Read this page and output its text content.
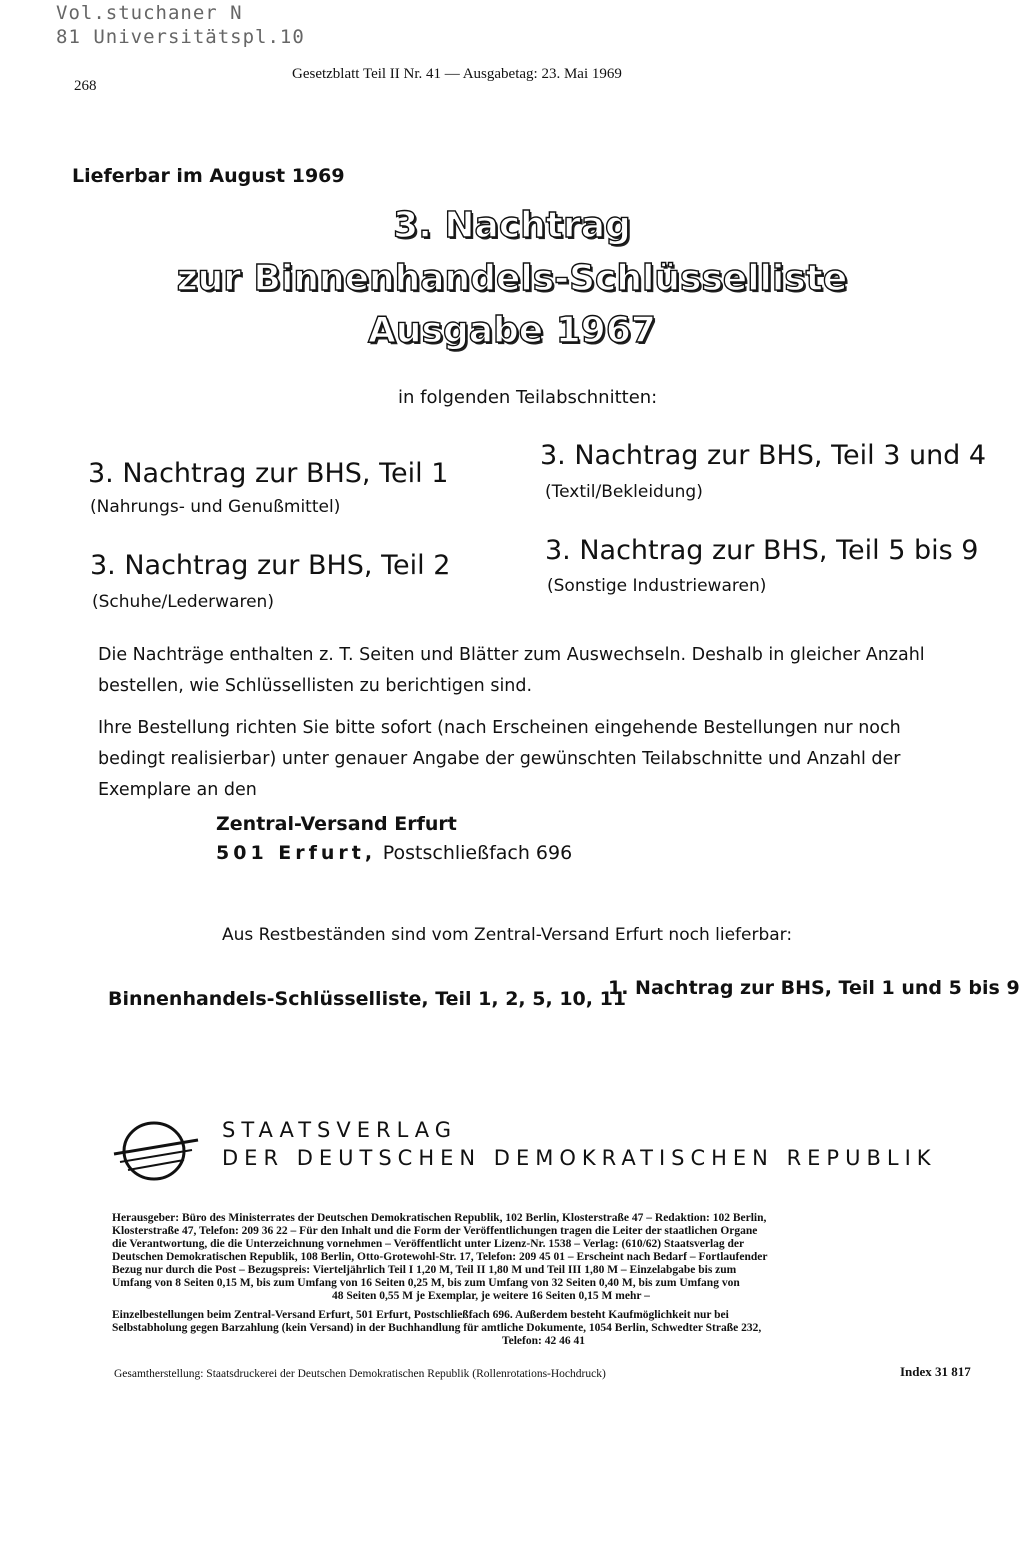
Vol.stuchaner N
81 Universitätspl.10
268
Gesetzblatt Teil II Nr. 41 — Ausgabetag: 23. Mai 1969
Lieferbar im August 1969
3. Nachtrag
zur Binnenhandels-Schlüsselliste
Ausgabe 1967
in folgenden Teilabschnitten:
3. Nachtrag zur BHS, Teil 1
(Nahrungs- und Genußmittel)
3. Nachtrag zur BHS, Teil 3 und 4
(Textil/Bekleidung)
3. Nachtrag zur BHS, Teil 2
(Schuhe/Lederwaren)
3. Nachtrag zur BHS, Teil 5 bis 9
(Sonstige Industriewaren)
Die Nachträge enthalten z. T. Seiten und Blätter zum Auswechseln. Deshalb in gleicher Anzahl bestellen, wie Schlüssellisten zu berichtigen sind.
Ihre Bestellung richten Sie bitte sofort (nach Erscheinen eingehende Bestellungen nur noch bedingt realisierbar) unter genauer Angabe der gewünschten Teilabschnitte und Anzahl der Exemplare an den
Zentral-Versand Erfurt
501 Erfurt, Postschließfach 696
Aus Restbeständen sind vom Zentral-Versand Erfurt noch lieferbar:
Binnenhandels-Schlüsselliste, Teil 1, 2, 5, 10, 11
1. Nachtrag zur BHS, Teil 1 und 5 bis 9
STAATSVERLAG
DER DEUTSCHEN DEMOKRATISCHEN REPUBLIK
Herausgeber: Büro des Ministerrates der Deutschen Demokratischen Republik, 102 Berlin, Klosterstraße 47 – Redaktion: 102 Berlin,
Klosterstraße 47, Telefon: 209 36 22 – Für den Inhalt und die Form der Veröffentlichungen tragen die Leiter der staatlichen Organe
die Verantwortung, die die Unterzeichnung vornehmen – Veröffentlicht unter Lizenz-Nr. 1538 – Verlag: (610/62) Staatsverlag der
Deutschen Demokratischen Republik, 108 Berlin, Otto-Grotewohl-Str. 17, Telefon: 209 45 01 – Erscheint nach Bedarf – Fortlaufender
Bezug nur durch die Post – Bezugspreis: Vierteljährlich Teil I 1,20 M, Teil II 1,80 M und Teil III 1,80 M – Einzelabgabe bis zum
Umfang von 8 Seiten 0,15 M, bis zum Umfang von 16 Seiten 0,25 M, bis zum Umfang von 32 Seiten 0,40 M, bis zum Umfang von
48 Seiten 0,55 M je Exemplar, je weitere 16 Seiten 0,15 M mehr –
Einzelbestellungen beim Zentral-Versand Erfurt, 501 Erfurt, Postschließfach 696. Außerdem besteht Kaufmöglichkeit nur bei
Selbstabholung gegen Barzahlung (kein Versand) in der Buchhandlung für amtliche Dokumente, 1054 Berlin, Schwedter Straße 232,
Telefon: 42 46 41
Gesamtherstellung: Staatsdruckerei der Deutschen Demokratischen Republik (Rollenrotations-Hochdruck)	Index 31 817
